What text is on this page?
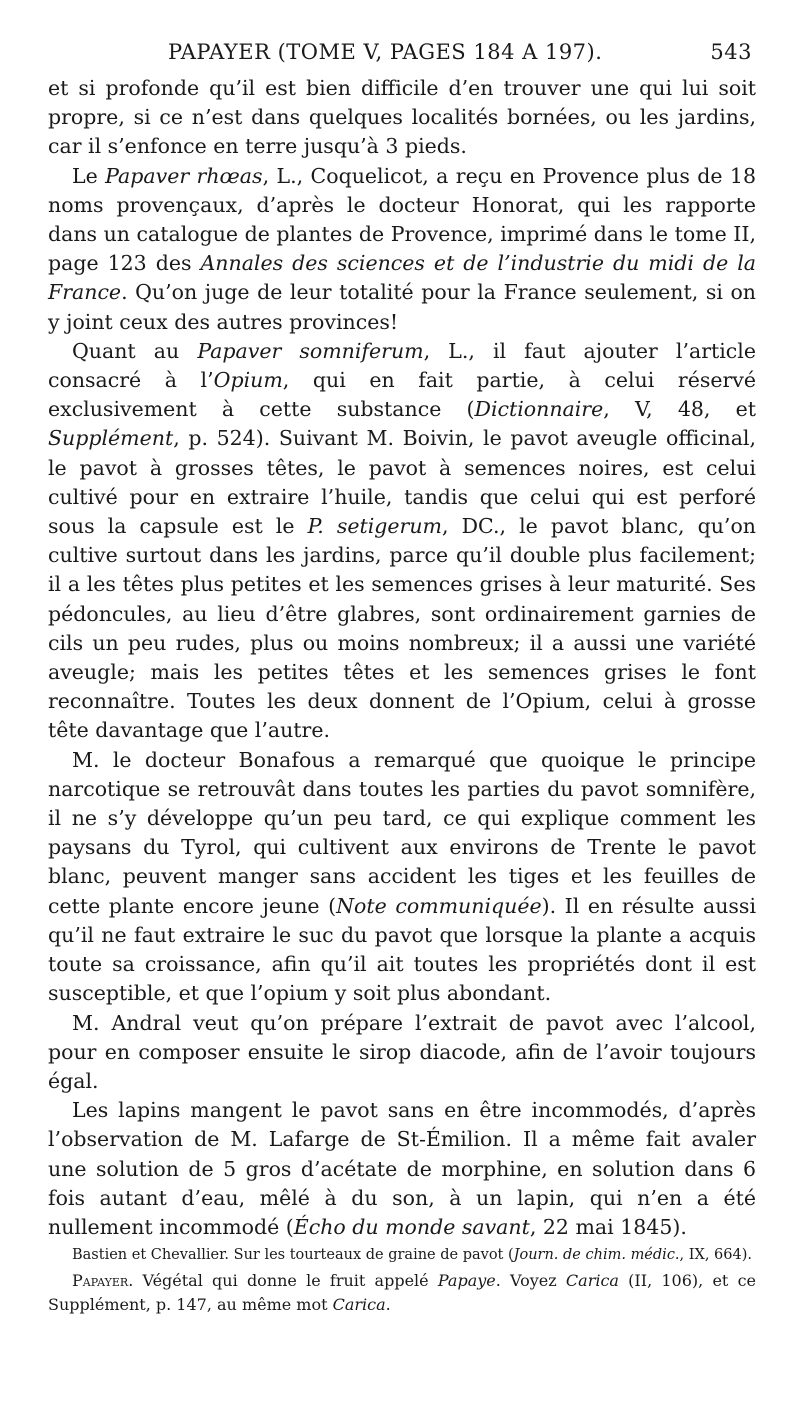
PAPAYER (TOME V, PAGES 184 A 197).	543

et si profonde qu’il est bien difficile d’en trouver une qui lui soit propre, si ce n’est dans quelques localités bornées, ou les jardins, car il s’enfonce en terre jusqu’à 3 pieds.

Le Papaver rhœas, L., Coquelicot, a reçu en Provence plus de 18 noms provençaux, d’après le docteur Honorat, qui les rapporte dans un catalogue de plantes de Provence, imprimé dans le tome II, page 123 des Annales des sciences et de l’industrie du midi de la France. Qu’on juge de leur totalité pour la France seulement, si on y joint ceux des autres provinces!

Quant au Papaver somniferum, L., il faut ajouter l’article consacré à l’Opium, qui en fait partie, à celui réservé exclusivement à cette substance (Dictionnaire, V, 48, et Supplément, p. 524). Suivant M. Boivin, le pavot aveugle officinal, le pavot à grosses têtes, le pavot à semences noires, est celui cultivé pour en extraire l’huile, tandis que celui qui est perforé sous la capsule est le P. setigerum, DC., le pavot blanc, qu’on cultive surtout dans les jardins, parce qu’il double plus facilement; il a les têtes plus petites et les semences grises à leur maturité. Ses pédoncules, au lieu d’être glabres, sont ordinairement garnies de cils un peu rudes, plus ou moins nombreux; il a aussi une variété aveugle; mais les petites têtes et les semences grises le font reconnaître. Toutes les deux donnent de l’Opium, celui à grosse tête davantage que l’autre.

M. le docteur Bonafous a remarqué que quoique le principe narcotique se retrouvât dans toutes les parties du pavot somnifère, il ne s’y développe qu’un peu tard, ce qui explique comment les paysans du Tyrol, qui cultivent aux environs de Trente le pavot blanc, peuvent manger sans accident les tiges et les feuilles de cette plante encore jeune (Note communiquée). Il en résulte aussi qu’il ne faut extraire le suc du pavot que lorsque la plante a acquis toute sa croissance, afin qu’il ait toutes les propriétés dont il est susceptible, et que l’opium y soit plus abondant.

M. Andral veut qu’on prépare l’extrait de pavot avec l’alcool, pour en composer ensuite le sirop diacode, afin de l’avoir toujours égal.

Les lapins mangent le pavot sans en être incommodés, d’après l’observation de M. Lafarge de St-Émilion. Il a même fait avaler une solution de 5 gros d’acétate de morphine, en solution dans 6 fois autant d’eau, mêlé à du son, à un lapin, qui n’en a été nullement incommodé (Écho du monde savant, 22 mai 1845).

Bastien et Chevallier. Sur les tourteaux de graine de pavot (Journ. de chim. médic., IX, 664).

Papayer. Végétal qui donne le fruit appelé Papaye. Voyez Carica (II, 106), et ce Supplément, p. 147, au même mot Carica.
